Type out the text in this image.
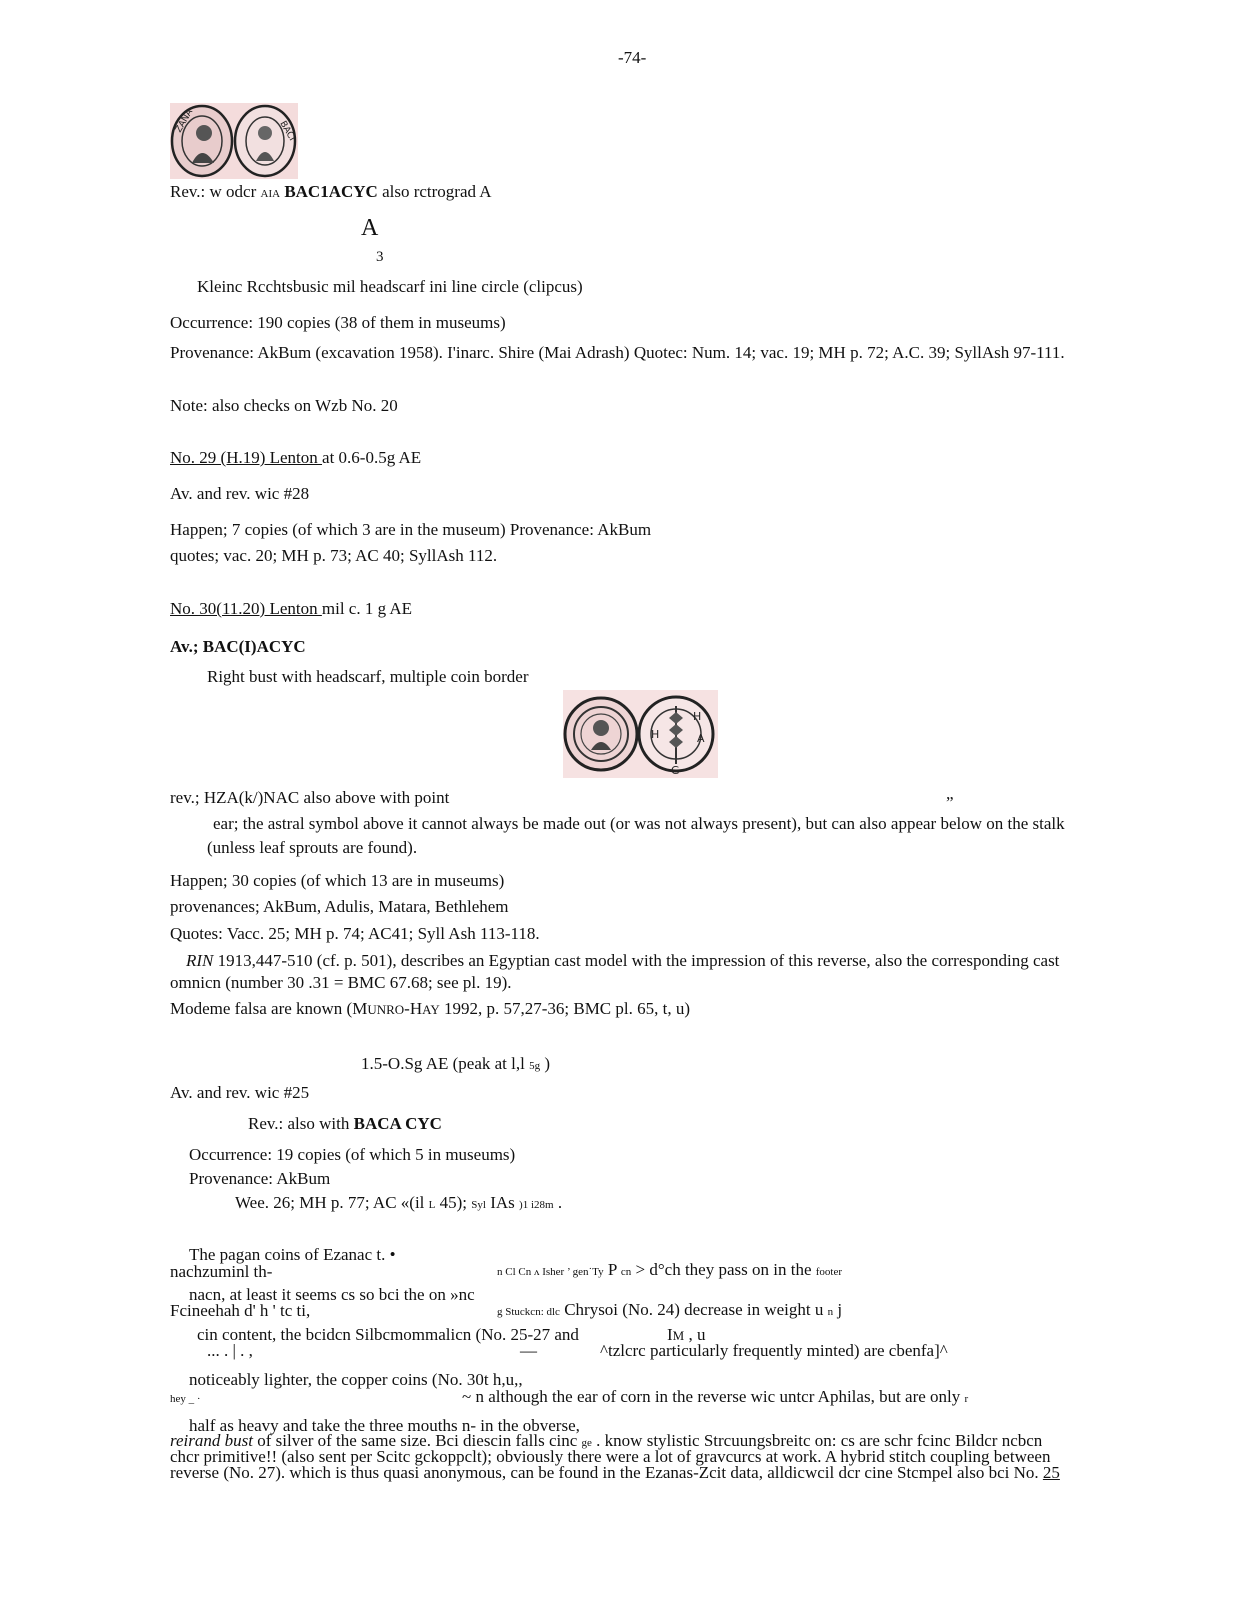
-74-
ZANA	BACI
Rev.: w odcr AIA BAC1ACYC also rctrograd A
A
3
Kleinc Rcchtsbusic mil headscarf ini line circle (clipcus)
Occurrence: 190 copies (38 of them in museums)
Provenance: AkBum (excavation 1958). I'inarc. Shire (Mai Adrash) Quotec: Num. 14; vac. 19; MH p. 72; A.C. 39; SyllAsh 97-111.
Note: also checks on Wzb No. 20
No. 29 (H.19) Lenton at 0.6-0.5g AE
Av. and rev. wic #28
Happen; 7 copies (of which 3 are in the museum) Provenance: AkBum
quotes; vac. 20; MH p. 73; AC 40; SyllAsh 112.
No. 30(11.20) Lenton mil c. 1 g AE
Av.; BAC(I)ACYC
Right bust with headscarf, multiple coin border
H
H
A
G
rev.; HZA(k/)NAC also above with point	„
ear; the astral symbol above it cannot always be made out (or was not always present), but can also appear below on the stalk (unless leaf sprouts are found).
Happen; 30 copies (of which 13 are in museums)
provenances; AkBum, Adulis, Matara, Bethlehem
Quotes: Vacc. 25; MH p. 74; AC41; Syll Ash 113-118.
RIN 1913,447-510 (cf. p. 501), describes an Egyptian cast model with the impression of this reverse, also the corresponding cast omnicn (number 30 .31 = BMC 67.68; see pl. 19).
Modeme falsa are known (MUNRO-HAY 1992, p. 57,27-36; BMC pl. 65, t, u)
1.5-O.Sg AE (peak at l,l 5g )
Av. and rev. wic #25
Rev.: also with BACA CYC
Occurrence: 19 copies (of which 5 in museums)
Provenance: AkBum
Wee. 26; MH p. 77; AC «(il L 45); Syl IAs )1 i28m .
The pagan coins of Ezanac t. •
nachzuminl th-	n Cl Cn ʌ Isher ’ gen˙Ty P cn > d°ch they pass on in the footer
nacn, at least it seems cs so bci the on »nc
Fcineehah d' h ' tc ti,	g Stuckcn: dlc Chrysoi (No. 24) decrease in weight u n j
cin content, the bcidcn Silbcmommalicn (No. 25-27 and	IM , u
... . | . ,	—	^tzlcrc particularly frequently minted) are cbenfa]^
noticeably lighter, the copper coins (No. 30t h,u,,
hey _ ·	~ n although the ear of corn in the reverse wic untcr Aphilas, but are only r
half as heavy and take the three mouths n- in the obverse,
reirand bust of silver of the same size. Bci diescin falls cinc ge . know stylistic Strcuungsbreitc on: cs are schr fcinc Bildcr ncbcn
chcr primitive!! (also sent per Scitc gckoppclt); obviously there were a lot of gravcurcs at work. A hybrid stitch coupling between
reverse (No. 27). which is thus quasi anonymous, can be found in the Ezanas-Zcit data, alldicwcil dcr cine Stcmpel also bci No. 25
